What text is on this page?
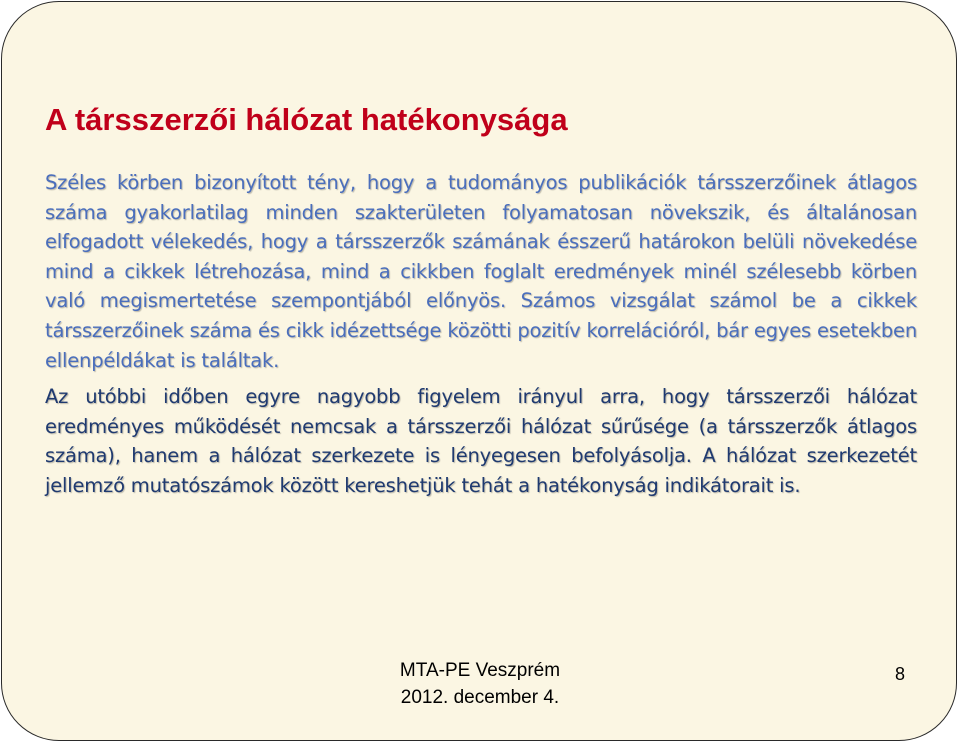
A társszerzői hálózat hatékonysága

Széles körben bizonyított tény, hogy a tudományos publikációk társszerzőinek átlagos száma gyakorlatilag minden szakterületen folyamatosan növekszik, és általánosan elfogadott vélekedés, hogy a társszerzők számának ésszerű határokon belüli növekedése mind a cikkek létrehozása, mind a cikkben foglalt eredmények minél szélesebb körben való megismertetése szempontjából előnyös. Számos vizsgálat számol be a cikkek társszerzőinek száma és cikk idézettsége közötti pozitív korrelációról, bár egyes esetekben ellenpéldákat is találtak.

Az utóbbi időben egyre nagyobb figyelem irányul arra, hogy társszerzői hálózat eredményes működését nemcsak a társszerzői hálózat sűrűsége (a társszerzők átlagos száma), hanem a hálózat szerkezete is lényegesen befolyásolja. A hálózat szerkezetét jellemző mutatószámok között kereshetjük tehát a hatékonyság indikátorait is.

MTA-PE Veszprém
2012. december 4.
8
